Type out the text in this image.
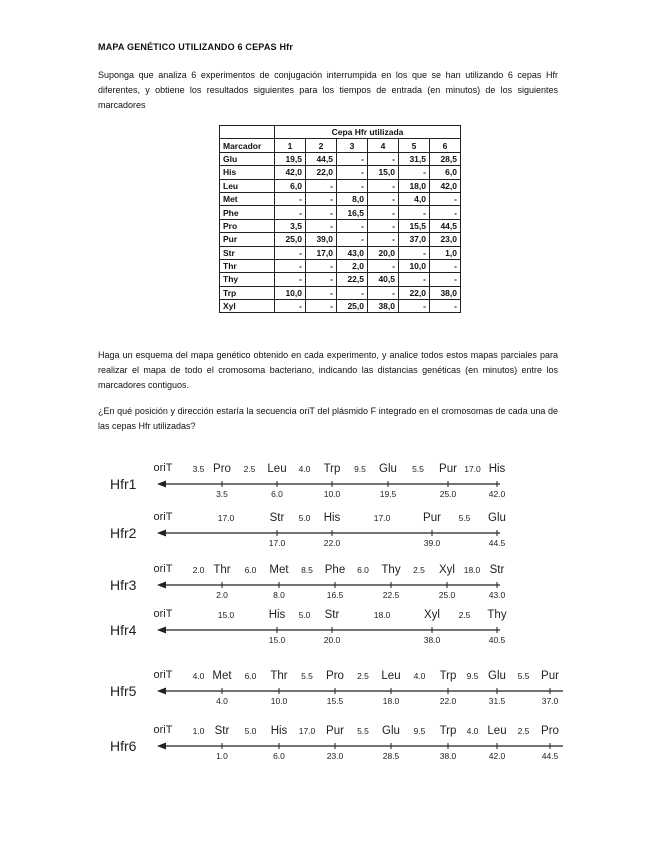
MAPA GENÉTICO UTILIZANDO 6 CEPAS Hfr
Suponga que analiza 6 experimentos de conjugación interrumpida en los que se han utilizando 6 cepas Hfr diferentes, y obtiene los resultados siguientes para los tiempos de entrada (en minutos) de los siguientes marcadores
	Cepa Hfr utilizada					
Marcador	1	2	3	4	5	6
Glu	19,5	44,5	-	-	31,5	28,5
His	42,0	22,0	-	15,0	-	6,0
Leu	6,0	-	-	-	18,0	42,0
Met	-	-	8,0	-	4,0	-
Phe	-	-	16,5	-	-	-
Pro	3,5	-	-	-	15,5	44,5
Pur	25,0	39,0	-	-	37,0	23,0
Str	-	17,0	43,0	20,0	-	1,0
Thr	-	-	2,0	-	10,0	-
Thy	-	-	22,5	40,5	-	-
Trp	10,0	-	-	-	22,0	38,0
Xyl	-	-	25,0	38,0	-	-
Haga un esquema del mapa genético obtenido en cada experimento, y analice todos estos mapas parciales para realizar el mapa de todo el cromosoma bacteriano, indicando las distancias genéticas (en minutos) entre los marcadores contiguos.
¿En qué posición y dirección estaría la secuencia oriT del plásmido F integrado en el cromosomas de cada una de las cepas Hfr utilizadas?
Hfr1
oriT	Pro
3.5
3.5	Leu
6.0
2.5	Trp
10.0
4.0	Glu
19.5
9.5	Pur
25.0
5.5	His
42.0
17.0
Hfr2
oriT	Str
17.0
17.0	His
22.0
5.0	Pur
39.0
17.0	Glu
44.5
5.5
Hfr3
oriT	Thr
2.0
2.0	Met
8.0
6.0	Phe
16.5
8.5	Thy
22.5
6.0	Xyl
25.0
2.5	Str
43.0
18.0
Hfr4
oriT	His
15.0
15.0	Str
20.0
5.0	Xyl
38.0
18.0	Thy
40.5
2.5
Hfr5
oriT	Met
4.0
4.0	Thr
10.0
6.0	Pro
15.5
5.5	Leu
18.0
2.5	Trp
22.0
4.0	Glu
31.5
9.5	Pur
37.0
5.5
Hfr6
oriT	Str
1.0
1.0	His
6.0
5.0	Pur
23.0
17.0	Glu
28.5
5.5	Trp
38.0
9.5	Leu
42.0
4.0	Pro
44.5
2.5
